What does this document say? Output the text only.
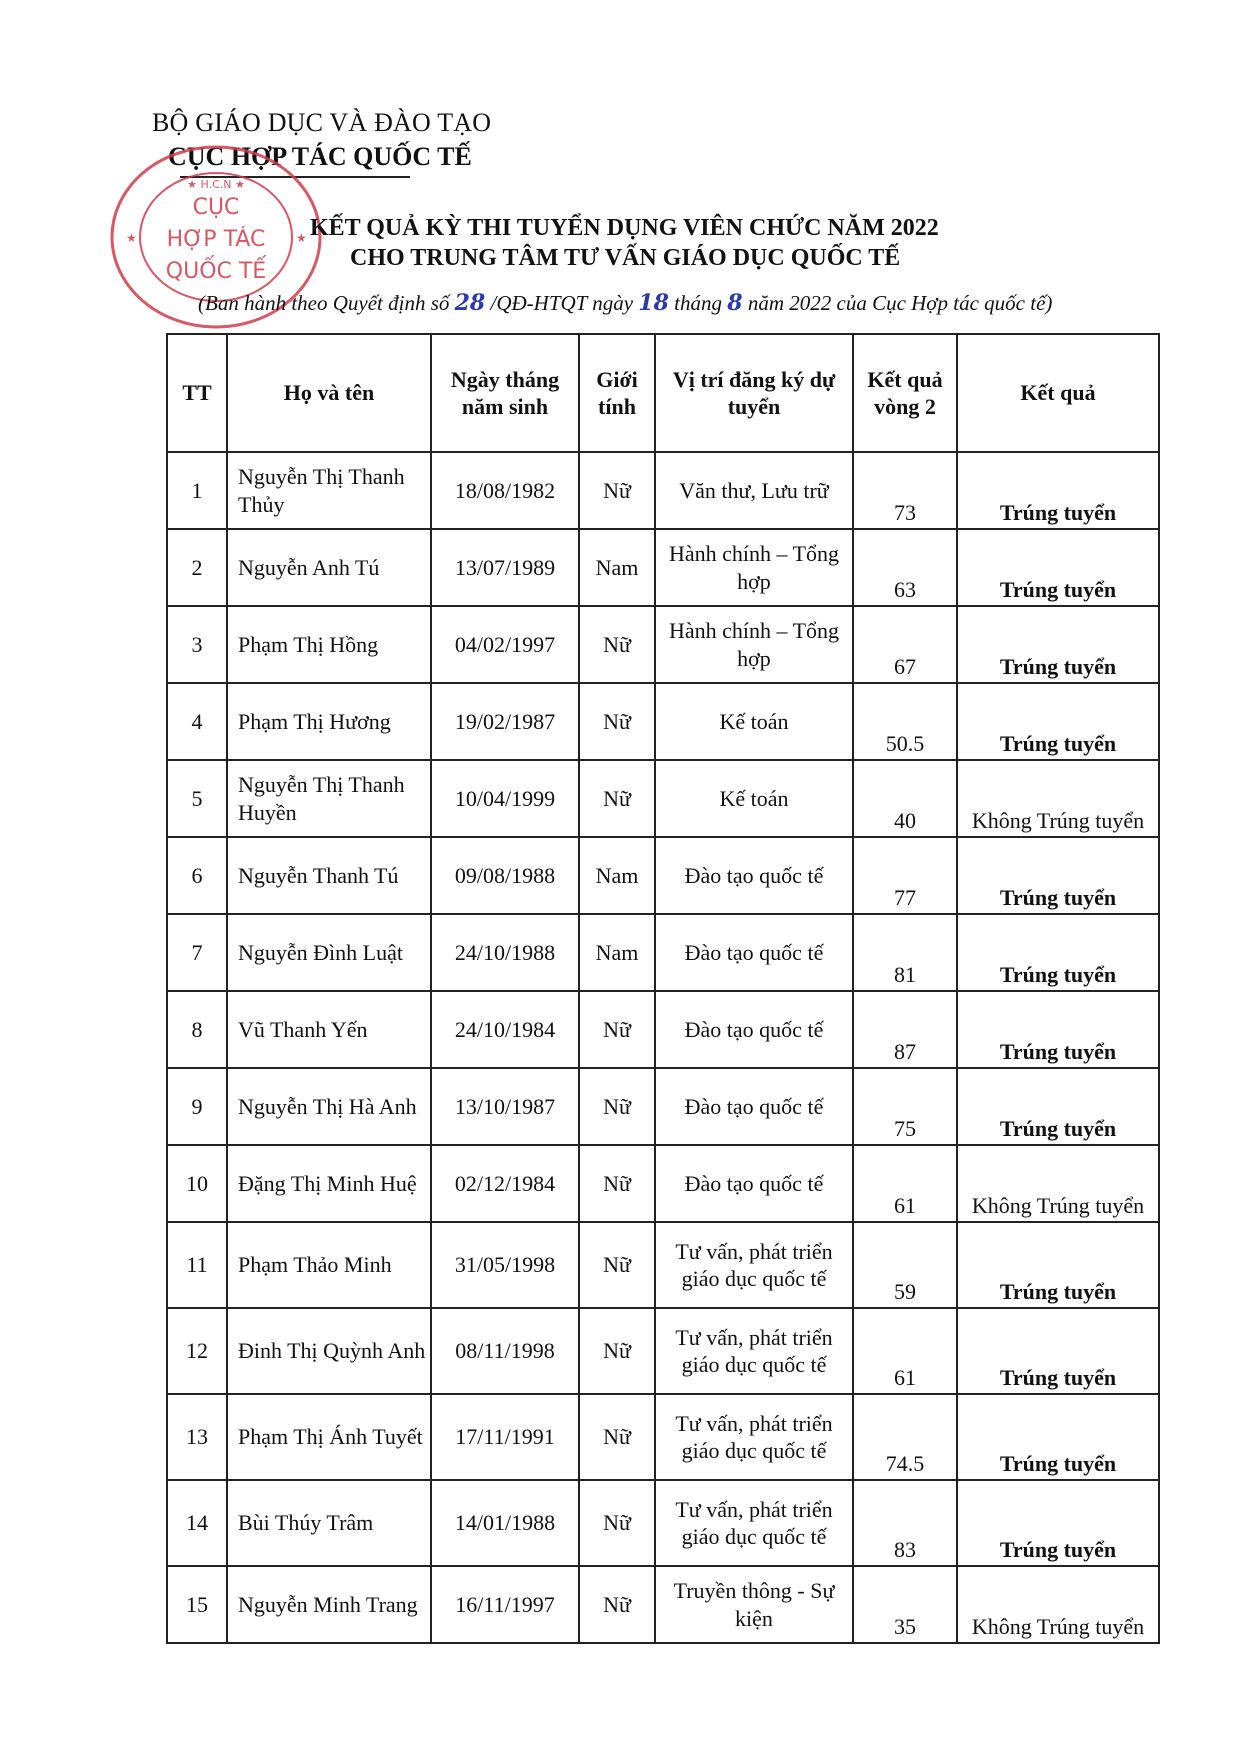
BỘ GIÁO DỤC VÀ ĐÀO TẠO
CỤC HỢP TÁC QUỐC TẾ
★ H.C.N ★
★	★
CỤC
HỢP TÁC
QUỐC TẾ
KẾT QUẢ KỲ THI TUYỂN DỤNG VIÊN CHỨC NĂM 2022
CHO TRUNG TÂM TƯ VẤN GIÁO DỤC QUỐC TẾ
(Ban hành theo Quyết định số 28 /QĐ-HTQT ngày 18 tháng 8 năm 2022 của Cục Hợp tác quốc tế)
TT	Họ và tên	Ngày tháng năm sinh	Giới tính	Vị trí đăng ký dự tuyển	Kết quả vòng 2	Kết quả
1	Nguyễn Thị Thanh Thủy	18/08/1982	Nữ	Văn thư, Lưu trữ	73	Trúng tuyển
2	Nguyễn Anh Tú	13/07/1989	Nam	Hành chính – Tổng hợp	63	Trúng tuyển
3	Phạm Thị Hồng	04/02/1997	Nữ	Hành chính – Tổng hợp	67	Trúng tuyển
4	Phạm Thị Hương	19/02/1987	Nữ	Kế toán	50.5	Trúng tuyển
5	Nguyễn Thị Thanh Huyền	10/04/1999	Nữ	Kế toán	40	Không Trúng tuyển
6	Nguyễn Thanh Tú	09/08/1988	Nam	Đào tạo quốc tế	77	Trúng tuyển
7	Nguyễn Đình Luật	24/10/1988	Nam	Đào tạo quốc tế	81	Trúng tuyển
8	Vũ Thanh Yến	24/10/1984	Nữ	Đào tạo quốc tế	87	Trúng tuyển
9	Nguyễn Thị Hà Anh	13/10/1987	Nữ	Đào tạo quốc tế	75	Trúng tuyển
10	Đặng Thị Minh Huệ	02/12/1984	Nữ	Đào tạo quốc tế	61	Không Trúng tuyển
11	Phạm Thảo Minh	31/05/1998	Nữ	Tư vấn, phát triển giáo dục quốc tế	59	Trúng tuyển
12	Đinh Thị Quỳnh Anh	08/11/1998	Nữ	Tư vấn, phát triển giáo dục quốc tế	61	Trúng tuyển
13	Phạm Thị Ánh Tuyết	17/11/1991	Nữ	Tư vấn, phát triển giáo dục quốc tế	74.5	Trúng tuyển
14	Bùi Thúy Trâm	14/01/1988	Nữ	Tư vấn, phát triển giáo dục quốc tế	83	Trúng tuyển
15	Nguyễn Minh Trang	16/11/1997	Nữ	Truyền thông - Sự kiện	35	Không Trúng tuyển
